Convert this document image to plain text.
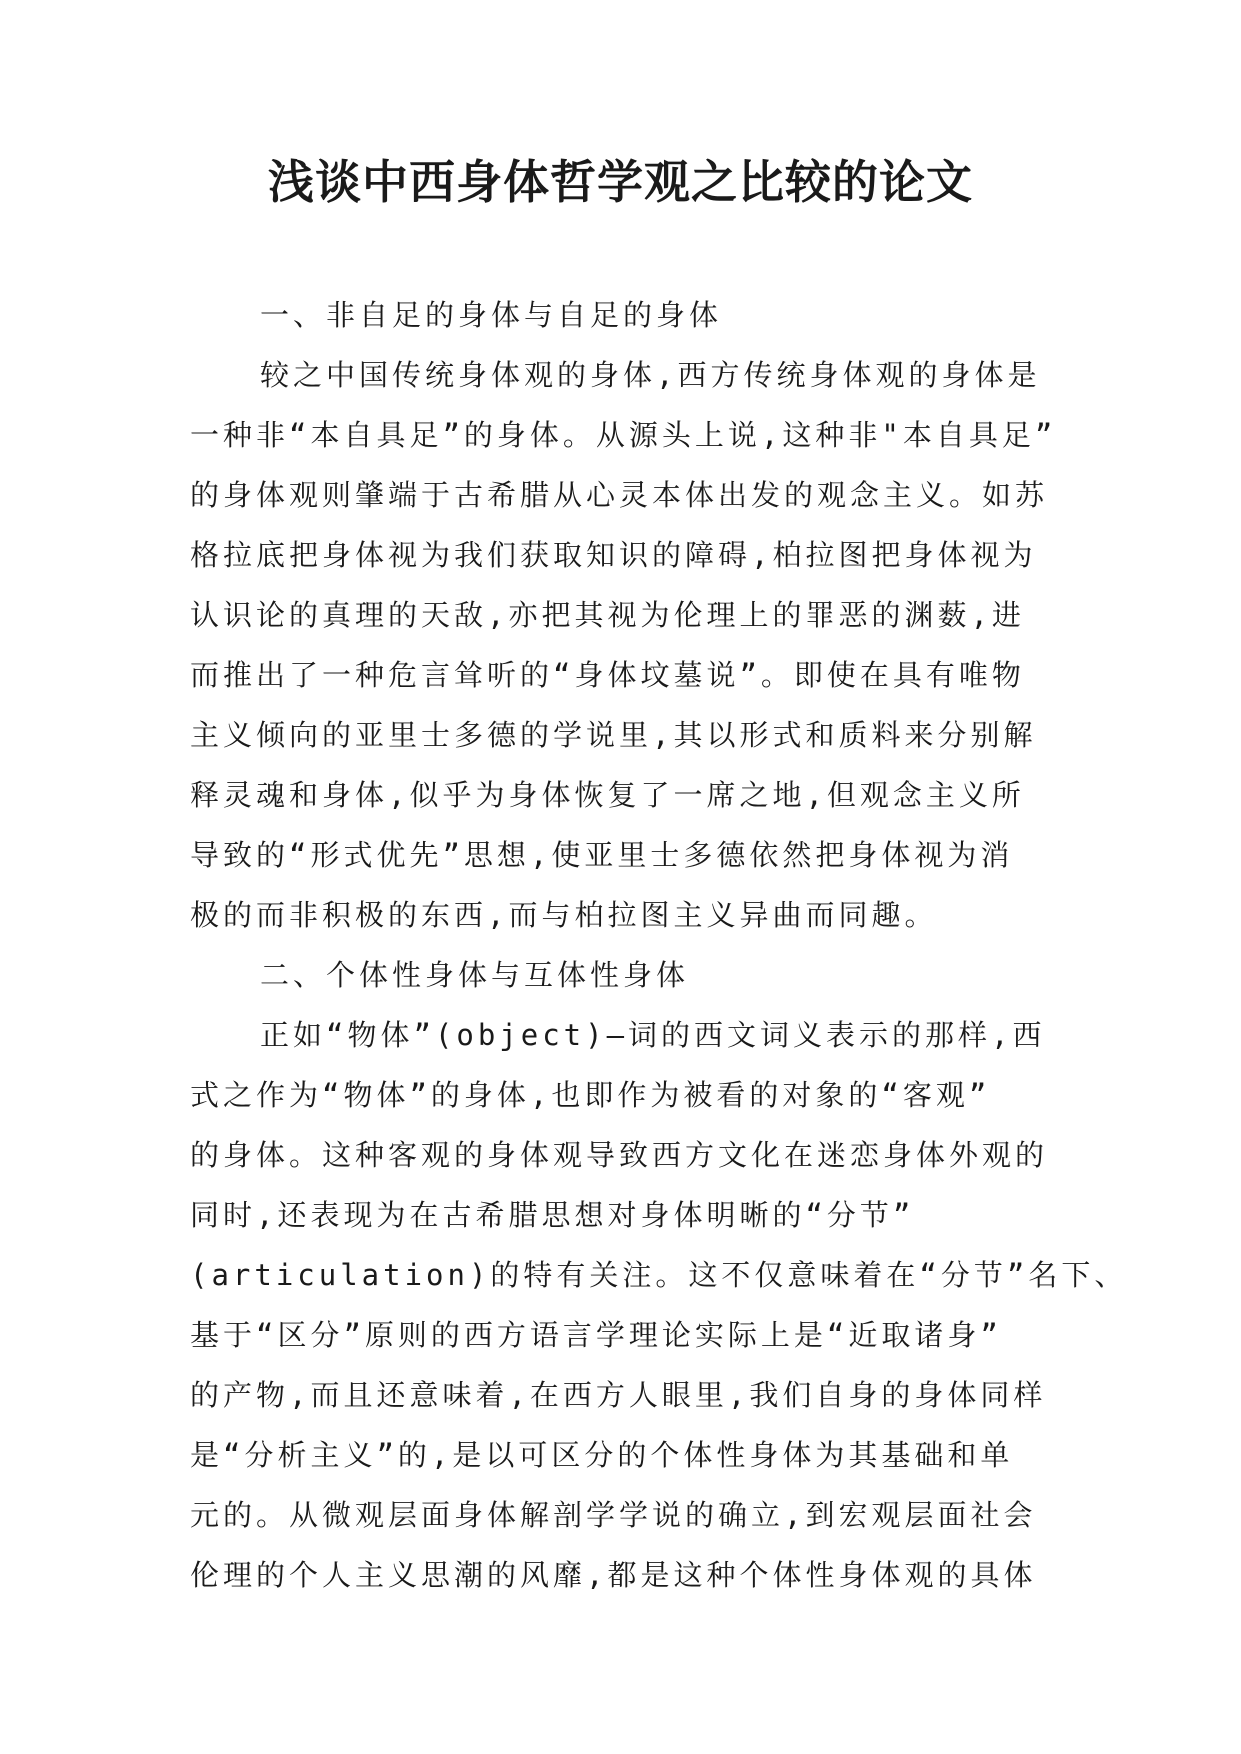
浅谈中西身体哲学观之比较的论文
一、非自足的身体与自足的身体
较之中国传统身体观的身体,西方传统身体观的身体是
一种非“本自具足”的身体。从源头上说,这种非"本自具足”
的身体观则肇端于古希腊从心灵本体出发的观念主义。如苏
格拉底把身体视为我们获取知识的障碍,柏拉图把身体视为
认识论的真理的天敌,亦把其视为伦理上的罪恶的渊薮,进
而推出了一种危言耸听的“身体坟墓说”。即使在具有唯物
主义倾向的亚里士多德的学说里,其以形式和质料来分别解
释灵魂和身体,似乎为身体恢复了一席之地,但观念主义所
导致的“形式优先”思想,使亚里士多德依然把身体视为消
极的而非积极的东西,而与柏拉图主义异曲而同趣。
二、个体性身体与互体性身体
正如“物体”(object)—词的西文词义表示的那样,西
式之作为“物体”的身体,也即作为被看的对象的“客观”
的身体。这种客观的身体观导致西方文化在迷恋身体外观的
同时,还表现为在古希腊思想对身体明晰的“分节”
(articulation)的特有关注。这不仅意味着在“分节”名下、
基于“区分”原则的西方语言学理论实际上是“近取诸身”
的产物,而且还意味着,在西方人眼里,我们自身的身体同样
是“分析主义”的,是以可区分的个体性身体为其基础和单
元的。从微观层面身体解剖学学说的确立,到宏观层面社会
伦理的个人主义思潮的风靡,都是这种个体性身体观的具体
